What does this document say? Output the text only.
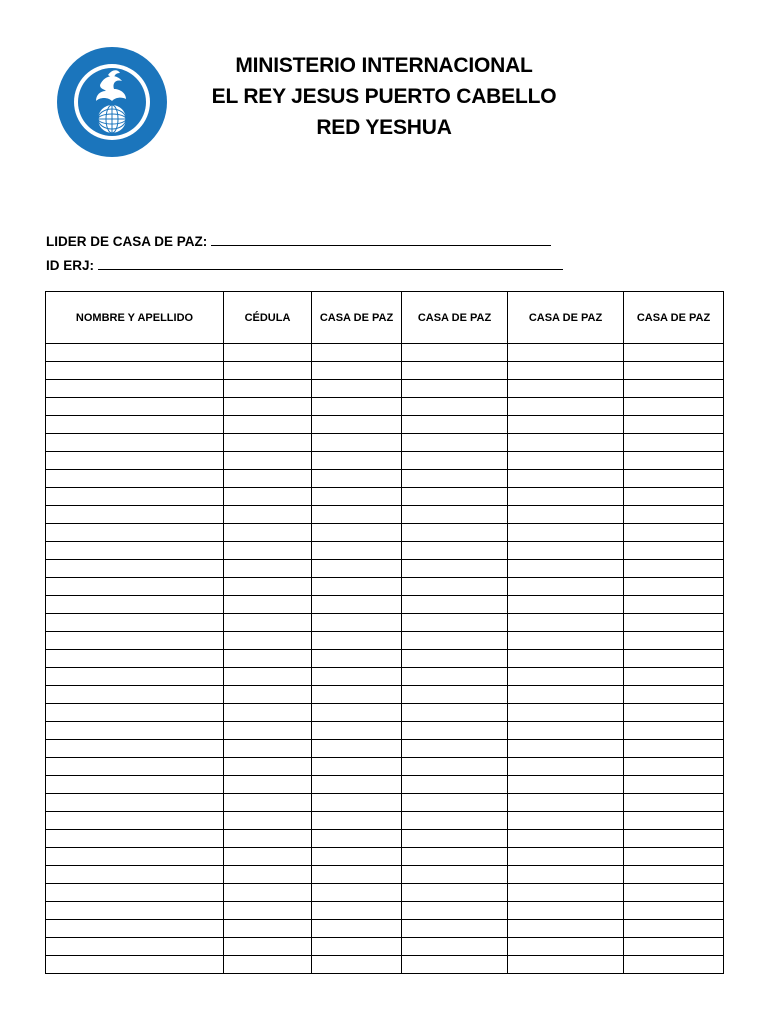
MINISTERIO INTERNACIONAL
EL REY JESUS PUERTO CABELLO
RED YESHUA
LIDER DE CASA DE PAZ:
ID ERJ:
NOMBRE Y APELLIDO	CÉDULA	CASA DE PAZ	CASA DE PAZ	CASA DE PAZ	CASA DE PAZ
